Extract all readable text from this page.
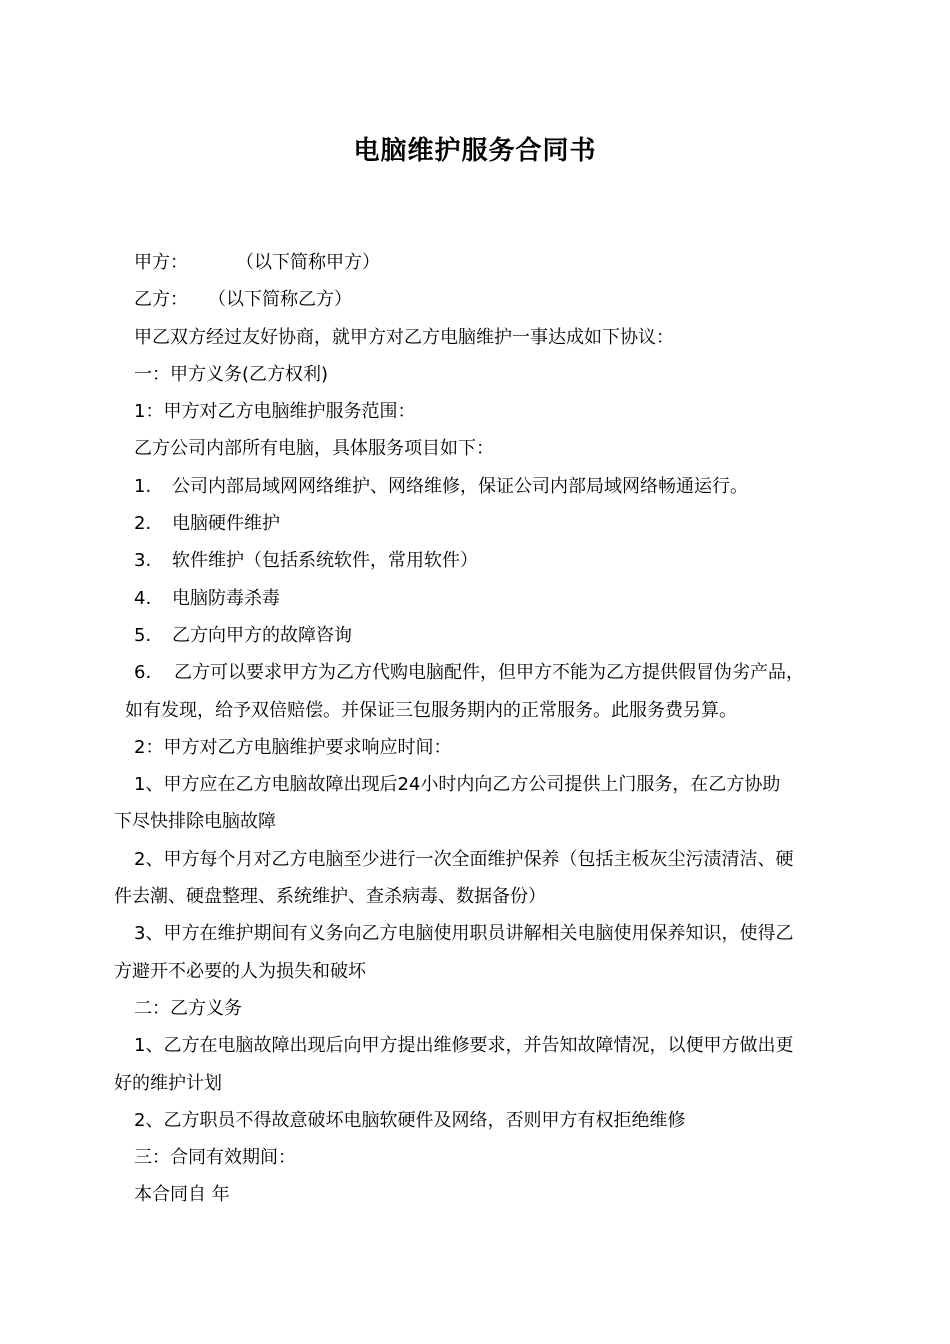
电脑维护服务合同书
甲方：	（以下简称甲方）
乙方： （以下简称乙方）
甲乙双方经过友好协商，就甲方对乙方电脑维护一事达成如下协议：
一：甲方义务(乙方权利)
1：甲方对乙方电脑维护服务范围：
乙方公司内部所有电脑，具体服务项目如下：
1. 公司内部局域网网络维护、网络维修，保证公司内部局域网络畅通运行。
2. 电脑硬件维护
3. 软件维护（包括系统软件，常用软件）
4. 电脑防毒杀毒
5. 乙方向甲方的故障咨询
6. 乙方可以要求甲方为乙方代购电脑配件，但甲方不能为乙方提供假冒伪劣产品，
如有发现，给予双倍赔偿。并保证三包服务期内的正常服务。此服务费另算。
2：甲方对乙方电脑维护要求响应时间：
1、甲方应在乙方电脑故障出现后24小时内向乙方公司提供上门服务，在乙方协助
下尽快排除电脑故障
2、甲方每个月对乙方电脑至少进行一次全面维护保养（包括主板灰尘污渍清洁、硬
件去潮、硬盘整理、系统维护、查杀病毒、数据备份）
3、甲方在维护期间有义务向乙方电脑使用职员讲解相关电脑使用保养知识，使得乙
方避开不必要的人为损失和破坏
二：乙方义务
1、乙方在电脑故障出现后向甲方提出维修要求，并告知故障情况，以便甲方做出更
好的维护计划
2、乙方职员不得故意破坏电脑软硬件及网络，否则甲方有权拒绝维修
三：合同有效期间：
本合同自 年
